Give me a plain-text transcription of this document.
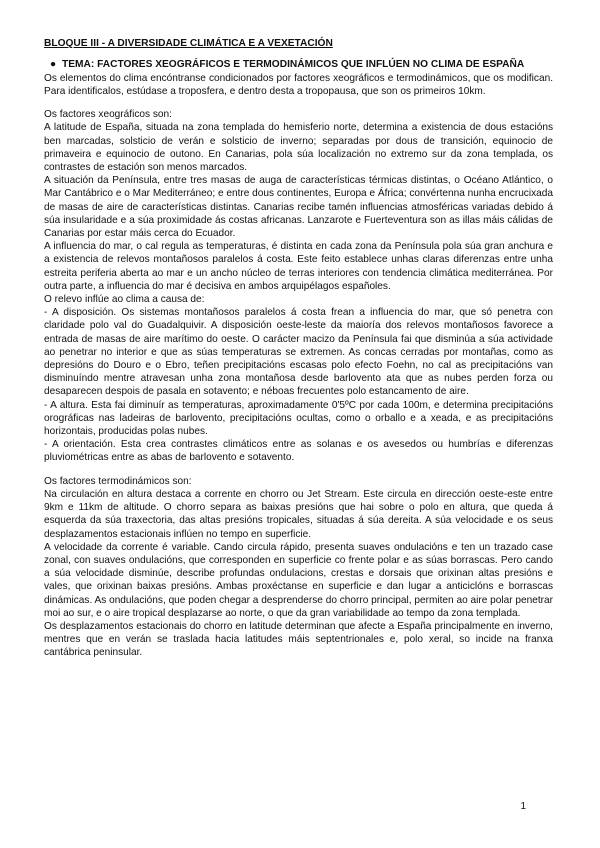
BLOQUE III - A DIVERSIDADE CLIMÁTICA E A VEXETACIÓN
● TEMA: FACTORES XEOGRÁFICOS E TERMODINÁMICOS QUE INFLÚEN NO CLIMA DE ESPAÑA

Os elementos do clima encóntranse condicionados por factores xeográficos e termodinámicos, que os modifican. Para identificalos, estúdase a troposfera, e dentro desta a tropopausa, que son os primeiros 10km.

Os factores xeográficos son:

A latitude de España, situada na zona templada do hemisferio norte, determina a existencia de dous estacións ben marcadas, solsticio de verán e solsticio de inverno; separadas por dous de transición, equinocio de primaveira e equinocio de outono. En Canarias, pola súa localización no extremo sur da zona templada, os contrastes de estación son menos marcados.

A situación da Península, entre tres masas de auga de características térmicas distintas, o Océano Atlántico, o Mar Cantábrico e o Mar Mediterráneo; e entre dous continentes, Europa e África; convértenna nunha encrucixada de masas de aire de características distintas. Canarias recibe tamén influencias atmosféricas variadas debido á súa insularidade e a súa proximidade ás costas africanas. Lanzarote e Fuerteventura son as illas máis cálidas de Canarias por estar máis cerca do Ecuador.

A influencia do mar, o cal regula as temperaturas, é distinta en cada zona da Península pola súa gran anchura e a existencia de relevos montañosos paralelos á costa. Este feito establece unhas claras diferenzas entre unha estreita periferia aberta ao mar e un ancho núcleo de terras interiores con tendencia climática mediterránea. Por outra parte, a influencia do mar é decisiva en ambos arquipélagos españoles.

O relevo inflúe ao clima a causa de:

- A disposición. Os sistemas montañosos paralelos á costa frean a influencia do mar, que só penetra con claridade polo val do Guadalquivir. A disposición oeste-leste da maioría dos relevos montañosos favorece a entrada de masas de aire marítimo do oeste. O carácter macizo da Península fai que disminúa a súa actividade ao penetrar no interior e que as súas temperaturas se extremen. As concas cerradas por montañas, como as depresións do Douro e o Ebro, teñen precipitacións escasas polo efecto Foehn, no cal as precipitacións van disminuíndo mentre atravesan unha zona montañosa desde barlovento ata que as nubes perden forza ou desaparecen despois de pasala en sotavento; e néboas frecuentes polo estancamento de aire.

- A altura. Esta fai diminuír as temperaturas, aproximadamente 0'5ºC por cada 100m, e determina precipitacións orográficas nas ladeiras de barlovento, precipitacións ocultas, como o orballo e a xeada, e as precipitacións horizontais, producidas polas nubes.

- A orientación. Esta crea contrastes climáticos entre as solanas e os avesedos ou humbrías e diferenzas pluviométricas entre as abas de barlovento e sotavento.

Os factores termodinámicos son:

Na circulación en altura destaca a corrente en chorro ou Jet Stream. Este circula en dirección oeste-este entre 9km e 11km de altitude. O chorro separa as baixas presións que hai sobre o polo en altura, que queda á esquerda da súa traxectoria, das altas presións tropicales, situadas á súa dereita. A súa velocidade e os seus desplazamentos estacionais inflúen no tempo en superficie.

A velocidade da corrente é variable. Cando circula rápido, presenta suaves ondulacións e ten un trazado case zonal, con suaves ondulacións, que corresponden en superficie co frente polar e as súas borrascas. Pero cando a súa velocidade disminúe, describe profundas ondulacions, crestas e dorsais que orixinan altas presións e vales, que orixinan baixas presións. Ambas proxéctanse en superficie e dan lugar a anticiclóns e borrascas dinámicas. As ondulacións, que poden chegar a desprenderse do chorro principal, permiten ao aire polar penetrar moi ao sur, e o aire tropical desplazarse ao norte, o que da gran variabilidade ao tempo da zona templada.

Os desplazamentos estacionais do chorro en latitude determinan que afecte a España principalmente en inverno, mentres que en verán se traslada hacia latitudes máis septentrionales e, polo xeral, so incide na franxa cantábrica peninsular.

1
